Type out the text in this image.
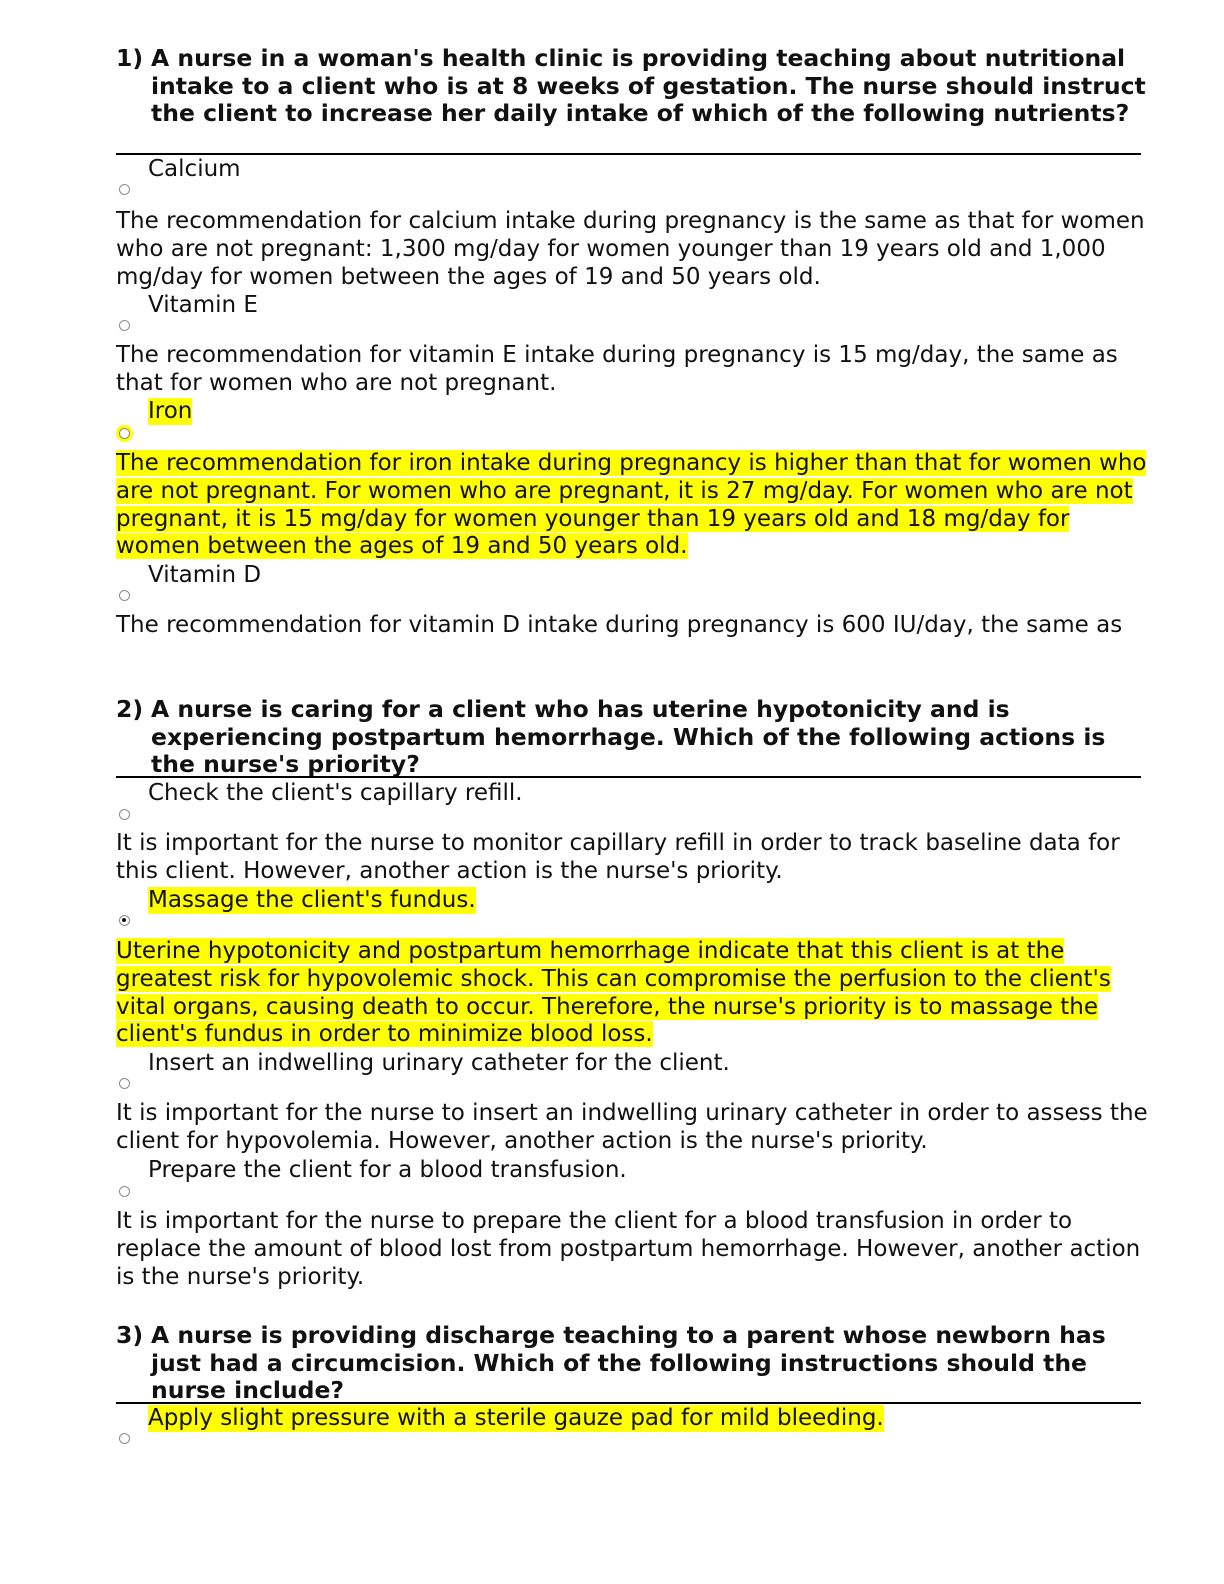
1) A nurse in a woman's health clinic is providing teaching about nutritional intake to a client who is at 8 weeks of gestation. The nurse should instruct the client to increase her daily intake of which of the following nutrients?
Calcium
The recommendation for calcium intake during pregnancy is the same as that for women who are not pregnant: 1,300 mg/day for women younger than 19 years old and 1,000 mg/day for women between the ages of 19 and 50 years old.
Vitamin E
The recommendation for vitamin E intake during pregnancy is 15 mg/day, the same as that for women who are not pregnant.
Iron
The recommendation for iron intake during pregnancy is higher than that for women who are not pregnant. For women who are pregnant, it is 27 mg/day. For women who are not pregnant, it is 15 mg/day for women younger than 19 years old and 18 mg/day for women between the ages of 19 and 50 years old.
Vitamin D
The recommendation for vitamin D intake during pregnancy is 600 IU/day, the same as
2) A nurse is caring for a client who has uterine hypotonicity and is experiencing postpartum hemorrhage. Which of the following actions is the nurse's priority?
Check the client's capillary refill.
It is important for the nurse to monitor capillary refill in order to track baseline data for this client. However, another action is the nurse's priority.
Massage the client's fundus.
Uterine hypotonicity and postpartum hemorrhage indicate that this client is at the greatest risk for hypovolemic shock. This can compromise the perfusion to the client's vital organs, causing death to occur. Therefore, the nurse's priority is to massage the client's fundus in order to minimize blood loss.
Insert an indwelling urinary catheter for the client.
It is important for the nurse to insert an indwelling urinary catheter in order to assess the client for hypovolemia. However, another action is the nurse's priority.
Prepare the client for a blood transfusion.
It is important for the nurse to prepare the client for a blood transfusion in order to replace the amount of blood lost from postpartum hemorrhage. However, another action is the nurse's priority.
3) A nurse is providing discharge teaching to a parent whose newborn has just had a circumcision. Which of the following instructions should the nurse include?
Apply slight pressure with a sterile gauze pad for mild bleeding.
